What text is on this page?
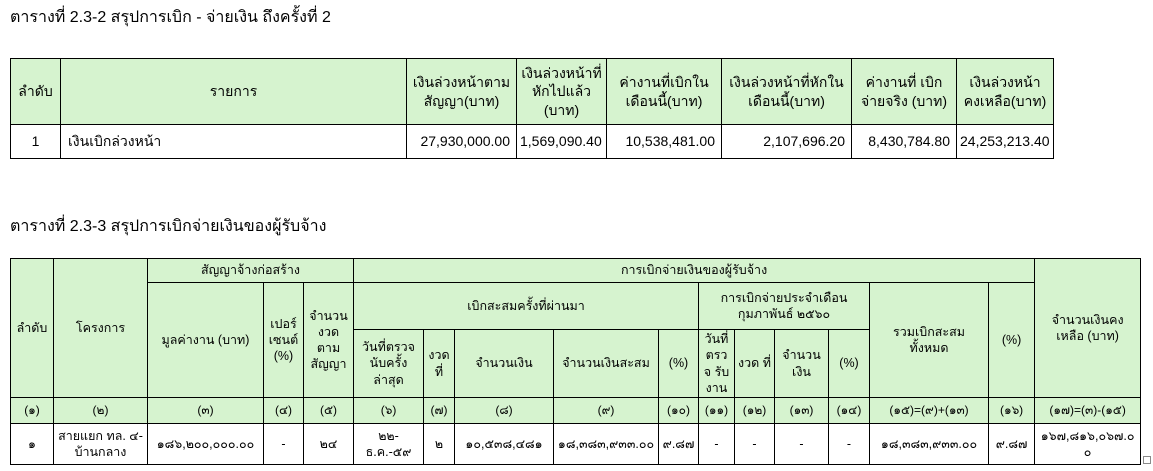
ตารางที่ 2.3-2 สรุปการเบิก - จ่ายเงิน ถึงครั้งที่ 2
ลำดับ	รายการ	เงินล่วงหน้าตาม สัญญา(บาท)	เงินล่วงหน้าที่ หักไปแล้ว (บาท)	ค่างานที่เบิกใน เดือนนี้(บาท)	เงินล่วงหน้าที่หักใน เดือนนี้(บาท)	ค่างานที่ เบิกจ่ายจริง (บาท)	เงินล่วงหน้า คงเหลือ(บาท)
1	เงินเบิกล่วงหน้า	27,930,000.00	1,569,090.40	10,538,481.00	2,107,696.20	8,430,784.80	24,253,213.40
ตารางที่ 2.3-3 สรุปการเบิกจ่ายเงินของผู้รับจ้าง
ลำดับ	โครงการ	สัญญาจ้างก่อสร้าง			การเบิกจ่ายเงินของผู้รับจ้าง											จำนวนเงินคงเหลือ (บาท)
		มูลค่างาน (บาท)	เปอร์ เซนต์ (%)	จำนวน งวด ตาม สัญญา	เบิกสะสมครั้งที่ผ่านมา					การเบิกจ่ายประจำเดือน กุมภาพันธ์ ๒๕๖๐				รวมเบิกสะสม ทั้งหมด	(%)	
					วันที่ตรวจ นับครั้ง ล่าสุด	งวด ที่	จำนวนเงิน	จำนวนเงินสะสม	(%)	วันที่ ตรวจ รับงาน	งวด ที่	จำนวน เงิน	(%)			
(๑)	(๒)	(๓)	(๔)	(๕)	(๖)	(๗)	(๘)	(๙)	(๑๐)	(๑๑)	(๑๒)	(๑๓)	(๑๔)	(๑๕)=(๙)+(๑๓)	(๑๖)	(๑๗)=(๓)-(๑๕)
๑	สายแยก ทล. ๔-บ้านกลาง	๑๘๖,๒๐๐,๐๐๐.๐๐	-	๒๔	๒๒-ธ.ค.-๕๙	๒	๑๐,๕๓๘,๔๘๑	๑๘,๓๘๓,๙๓๓.๐๐	๙.๘๗	-	-	-	-	๑๘,๓๘๓,๙๓๓.๐๐	๙.๘๗	๑๖๗,๘๑๖,๐๖๗.๐๐
